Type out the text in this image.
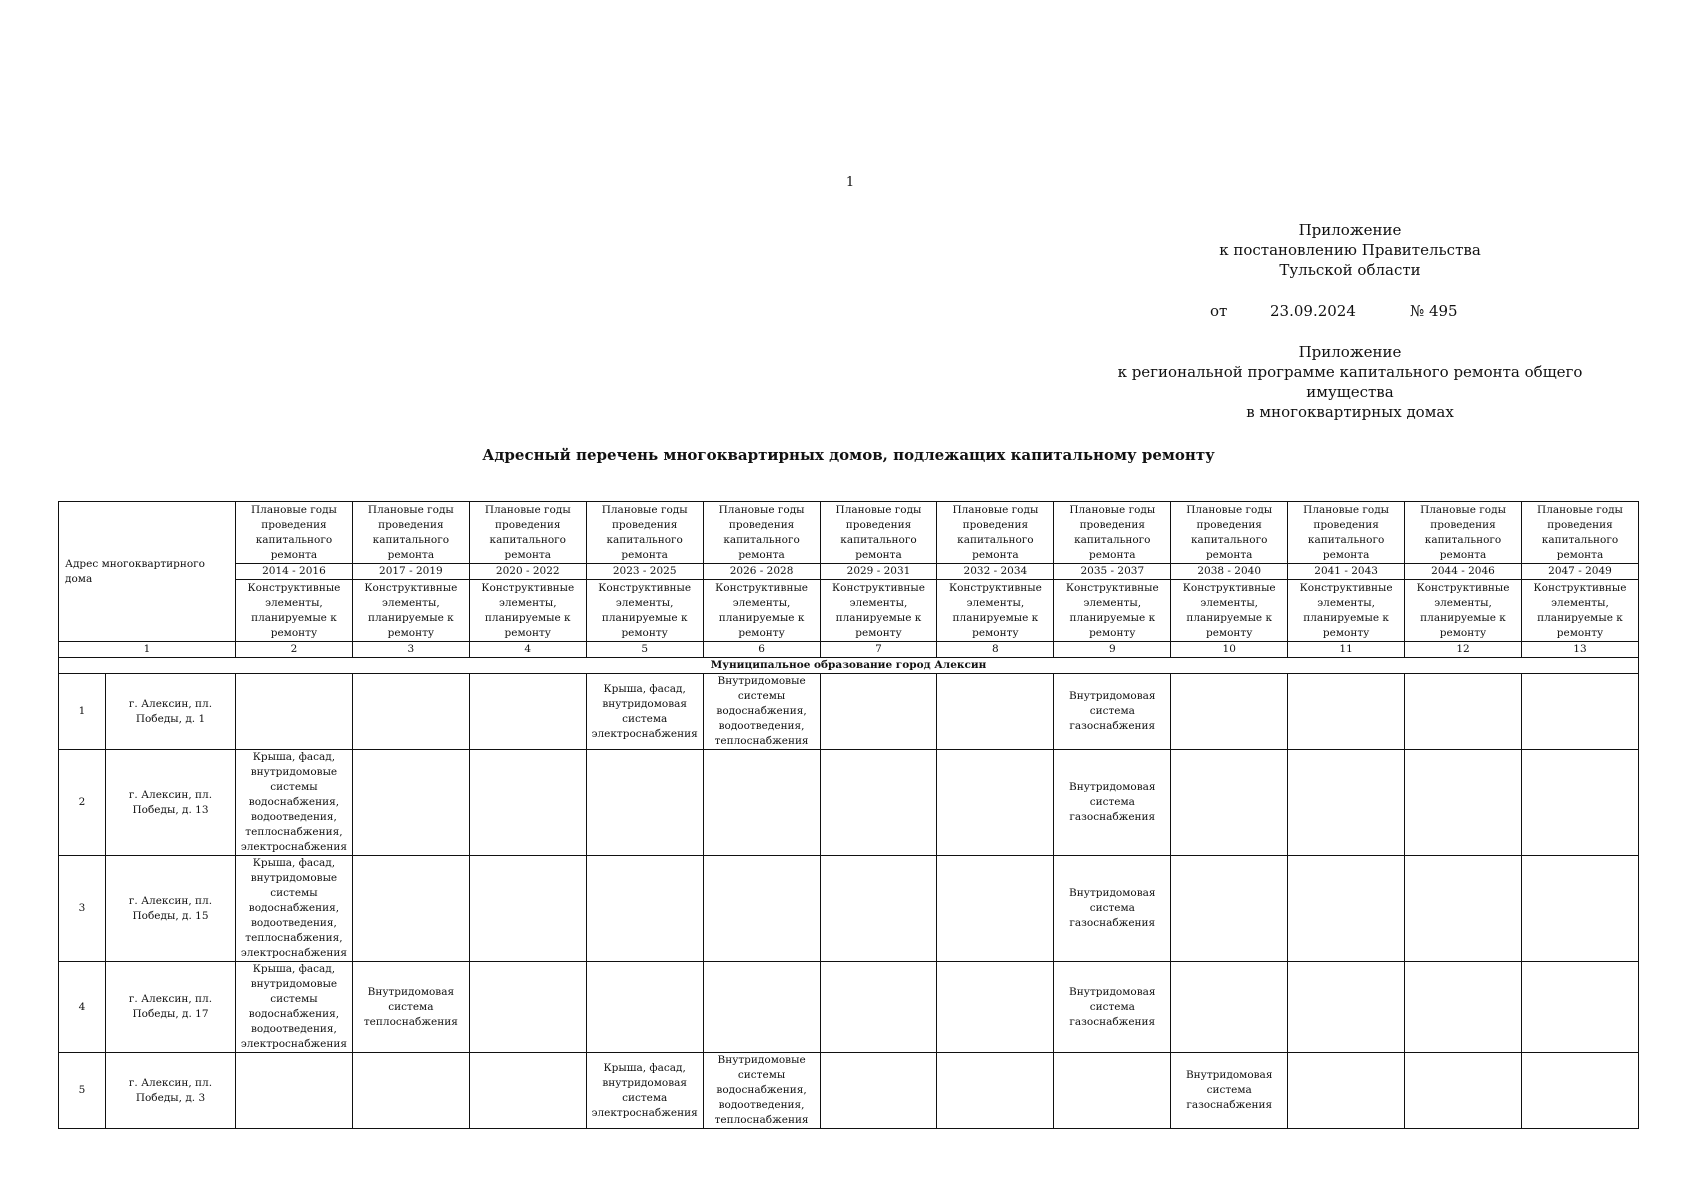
1
Приложение
к постановлению Правительства
Тульской области
от	23.09.2024	№ 495
Приложение
к региональной программе капитального ремонта общего имущества
в многоквартирных домах
Адресный перечень многоквартирных домов, подлежащих капитальному ремонту
Адрес многоквартирного дома		Плановые годы проведения капитального ремонта	Плановые годы проведения капитального ремонта	Плановые годы проведения капитального ремонта	Плановые годы проведения капитального ремонта	Плановые годы проведения капитального ремонта	Плановые годы проведения капитального ремонта	Плановые годы проведения капитального ремонта	Плановые годы проведения капитального ремонта	Плановые годы проведения капитального ремонта	Плановые годы проведения капитального ремонта	Плановые годы проведения капитального ремонта	Плановые годы проведения капитального ремонта
		2014 - 2016	2017 - 2019	2020 - 2022	2023 - 2025	2026 - 2028	2029 - 2031	2032 - 2034	2035 - 2037	2038 - 2040	2041 - 2043	2044 - 2046	2047 - 2049
		Конструктивные элементы, планируемые к ремонту	Конструктивные элементы, планируемые к ремонту	Конструктивные элементы, планируемые к ремонту	Конструктивные элементы, планируемые к ремонту	Конструктивные элементы, планируемые к ремонту	Конструктивные элементы, планируемые к ремонту	Конструктивные элементы, планируемые к ремонту	Конструктивные элементы, планируемые к ремонту	Конструктивные элементы, планируемые к ремонту	Конструктивные элементы, планируемые к ремонту	Конструктивные элементы, планируемые к ремонту	Конструктивные элементы, планируемые к ремонту
1		2	3	4	5	6	7	8	9	10	11	12	13
Муниципальное образование город Алексин													
1	г. Алексин, пл. Победы, д. 1				Крыша, фасад, внутридомовая система электроснабжения	Внутридомовые системы водоснабжения, водоотведения, теплоснабжения			Внутридомовая система газоснабжения				
2	г. Алексин, пл. Победы, д. 13	Крыша, фасад, внутридомовые системы водоснабжения, водоотведения, теплоснабжения, электроснабжения							Внутридомовая система газоснабжения				
3	г. Алексин, пл. Победы, д. 15	Крыша, фасад, внутридомовые системы водоснабжения, водоотведения, теплоснабжения, электроснабжения							Внутридомовая система газоснабжения				
4	г. Алексин, пл. Победы, д. 17	Крыша, фасад, внутридомовые системы водоснабжения, водоотведения, электроснабжения	Внутридомовая система теплоснабжения						Внутридомовая система газоснабжения				
5	г. Алексин, пл. Победы, д. 3				Крыша, фасад, внутридомовая система электроснабжения	Внутридомовые системы водоснабжения, водоотведения, теплоснабжения				Внутридомовая система газоснабжения			
